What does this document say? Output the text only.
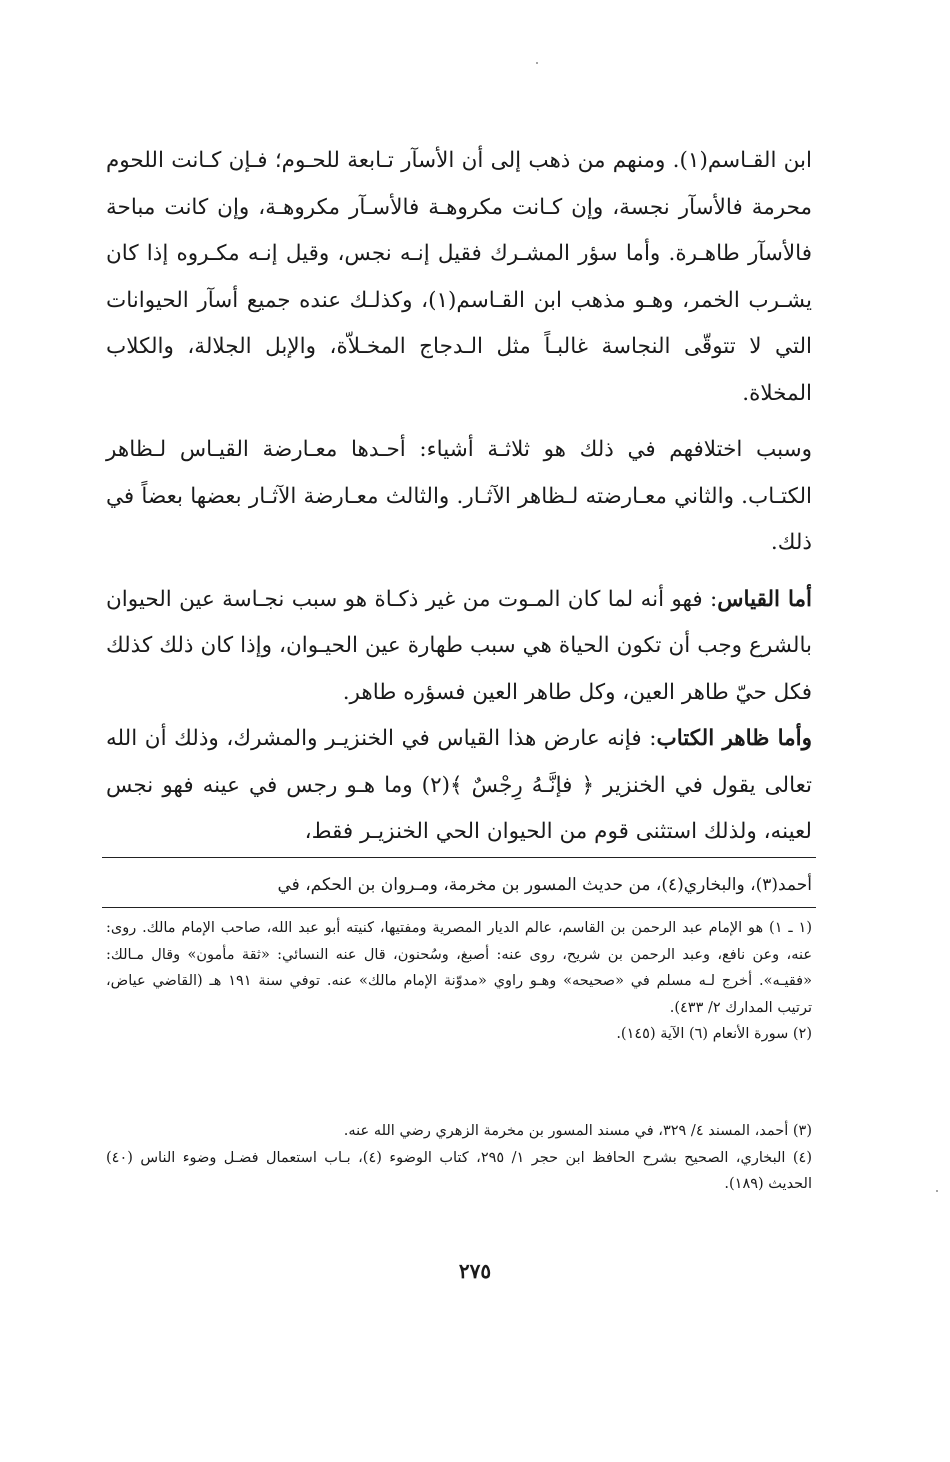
ابن القـاسم(١). ومنهم من ذهب إلى أن الأسآر تـابعة للحـوم؛ فـإن كـانت اللحوم محرمة فالأسآر نجسة، وإن كـانت مكروهـة فالأسـآر مكروهـة، وإن كانت مباحة فالأسآر طاهـرة. وأما سؤر المشـرك فقيل إنـه نجس، وقيل إنـه مكـروه إذا كان يشـرب الخمر، وهـو مذهب ابن القـاسم(١)، وكذلـك عنده جميع أسآر الحيوانات التي لا تتوقّى النجاسة غالبـاً مثل الـدجاج المخـلاّة، والإبل الجلالة، والكلاب المخلاة.

وسبب اختلافهم في ذلك هو ثلاثـة أشياء: أحـدها معـارضة القيـاس لـظاهر الكتـاب. والثاني معـارضته لـظاهر الآثـار. والثالث معـارضة الآثـار بعضها بعضاً في ذلك.

أما القياس: فهو أنه لما كان المـوت من غير ذكـاة هو سبب نجـاسة عين الحيوان بالشرع وجب أن تكون الحياة هي سبب طهارة عين الحيـوان، وإذا كان ذلك كذلك فكل حيّ طاهر العين، وكل طاهر العين فسؤره طاهر.

وأما ظاهر الكتاب: فإنه عارض هذا القياس في الخنزيـر والمشرك، وذلك أن الله تعالى يقول في الخنزير ﴿ فإنَّـهُ رِجْسٌ ﴾(٢) وما هـو رجس في عينه فهو نجس لعينه، ولذلك استثنى قوم من الحيوان الحي الخنزيـر فقط،

أحمد(٣)، والبخاري(٤)، من حديث المسور بن مخرمة، ومـروان بن الحكم، في

(١ ـ ١) هو الإمام عبد الرحمن بن القاسم، عالم الديار المصرية ومفتيها، كنيته أبو عبد الله، صاحب الإمام مالك. روى: عنه، وعن نافع، وعبد الرحمن بن شريح، روى عنه: أصبغ، وسُحنون، قال عنه النسائي: «ثقة مأمون» وقال مـالك: «فقيـه». أخرج لـه مسلم في «صحيحه» وهـو راوي «مدوّنة الإمام مالك» عنه. توفي سنة ١٩١ هـ (القاضي عياض، ترتيب المدارك ٢/ ٤٣٣).

(٢) سورة الأنعام (٦) الآية (١٤٥).

(٣) أحمد، المسند ٤/ ٣٢٩، في مسند المسور بن مخرمة الزهري رضي الله عنه.

(٤) البخاري، الصحيح بشرح الحافظ ابن حجر ١/ ٢٩٥، كتاب الوضوء (٤)، بـاب استعمال فضـل وضوء الناس (٤٠) الحديث (١٨٩).

٢٧٥
